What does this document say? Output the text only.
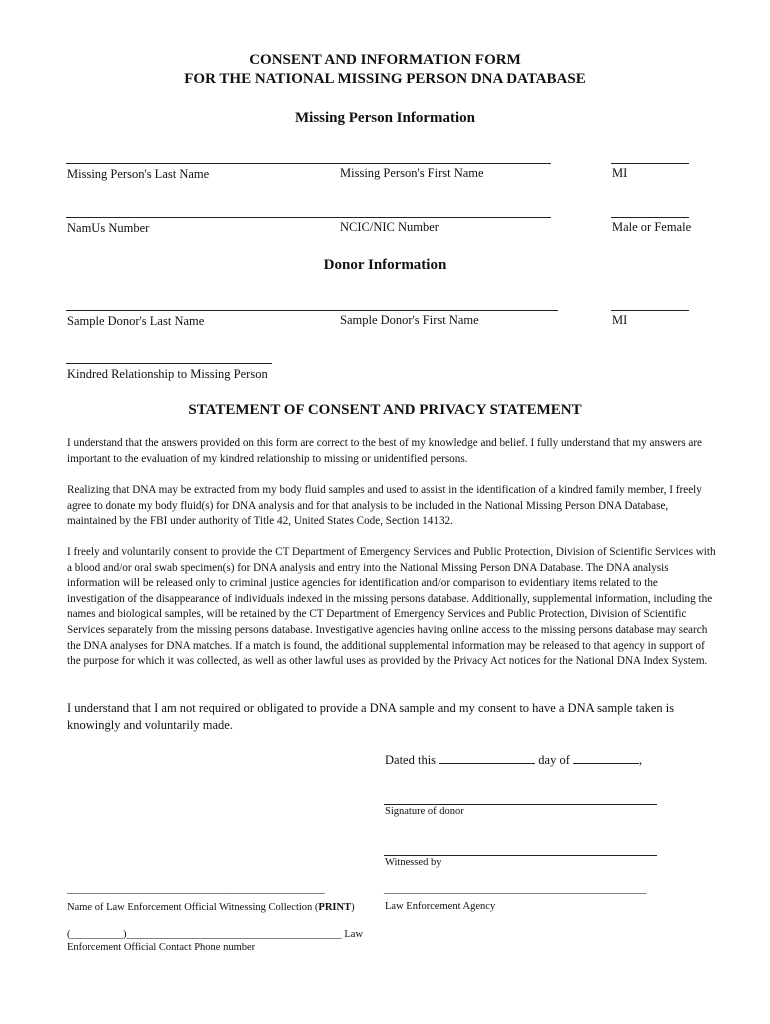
CONSENT AND INFORMATION FORM
FOR THE NATIONAL MISSING PERSON DNA DATABASE
Missing Person Information
Missing Person's Last Name	Missing Person's First Name	MI
NamUs Number	NCIC/NIC Number	Male or Female
Donor Information
Sample Donor's Last Name	Sample Donor's First Name	MI
Kindred Relationship to Missing Person
STATEMENT OF CONSENT AND PRIVACY STATEMENT
I understand that the answers provided on this form are correct to the best of my knowledge and belief. I fully understand that my answers are important to the evaluation of my kindred relationship to missing or unidentified persons.
Realizing that DNA may be extracted from my body fluid samples and used to assist in the identification of a kindred family member, I freely agree to donate my body fluid(s) for DNA analysis and for that analysis to be included in the National Missing Person DNA Database, maintained by the FBI under authority of Title 42, United States Code, Section 14132.
I freely and voluntarily consent to provide the CT Department of Emergency Services and Public Protection, Division of Scientific Services with a blood and/or oral swab specimen(s) for DNA analysis and entry into the National Missing Person DNA Database. The DNA analysis information will be released only to criminal justice agencies for identification and/or comparison to evidentiary items related to the investigation of the disappearance of individuals indexed in the missing persons database. Additionally, supplemental information, including the names and biological samples, will be retained by the CT Department of Emergency Services and Public Protection, Division of Scientific Services separately from the missing persons database. Investigative agencies having online access to the missing persons database may search the DNA analyses for DNA matches. If a match is found, the additional supplemental information may be released to that agency in support of the purpose for which it was collected, as well as other lawful uses as provided by the Privacy Act notices for the National DNA Index System.
I understand that I am not required or obligated to provide a DNA sample and my consent to have a DNA sample taken is knowingly and voluntarily made.
Dated this	day of	,
Signature of donor
Witnessed by
____________________________________________________
Name of Law Enforcement Official Witnessing Collection (PRINT)
_____________________________________________________
Law Enforcement Agency
(__________)_________________________________________ Law
Enforcement Official Contact Phone number
